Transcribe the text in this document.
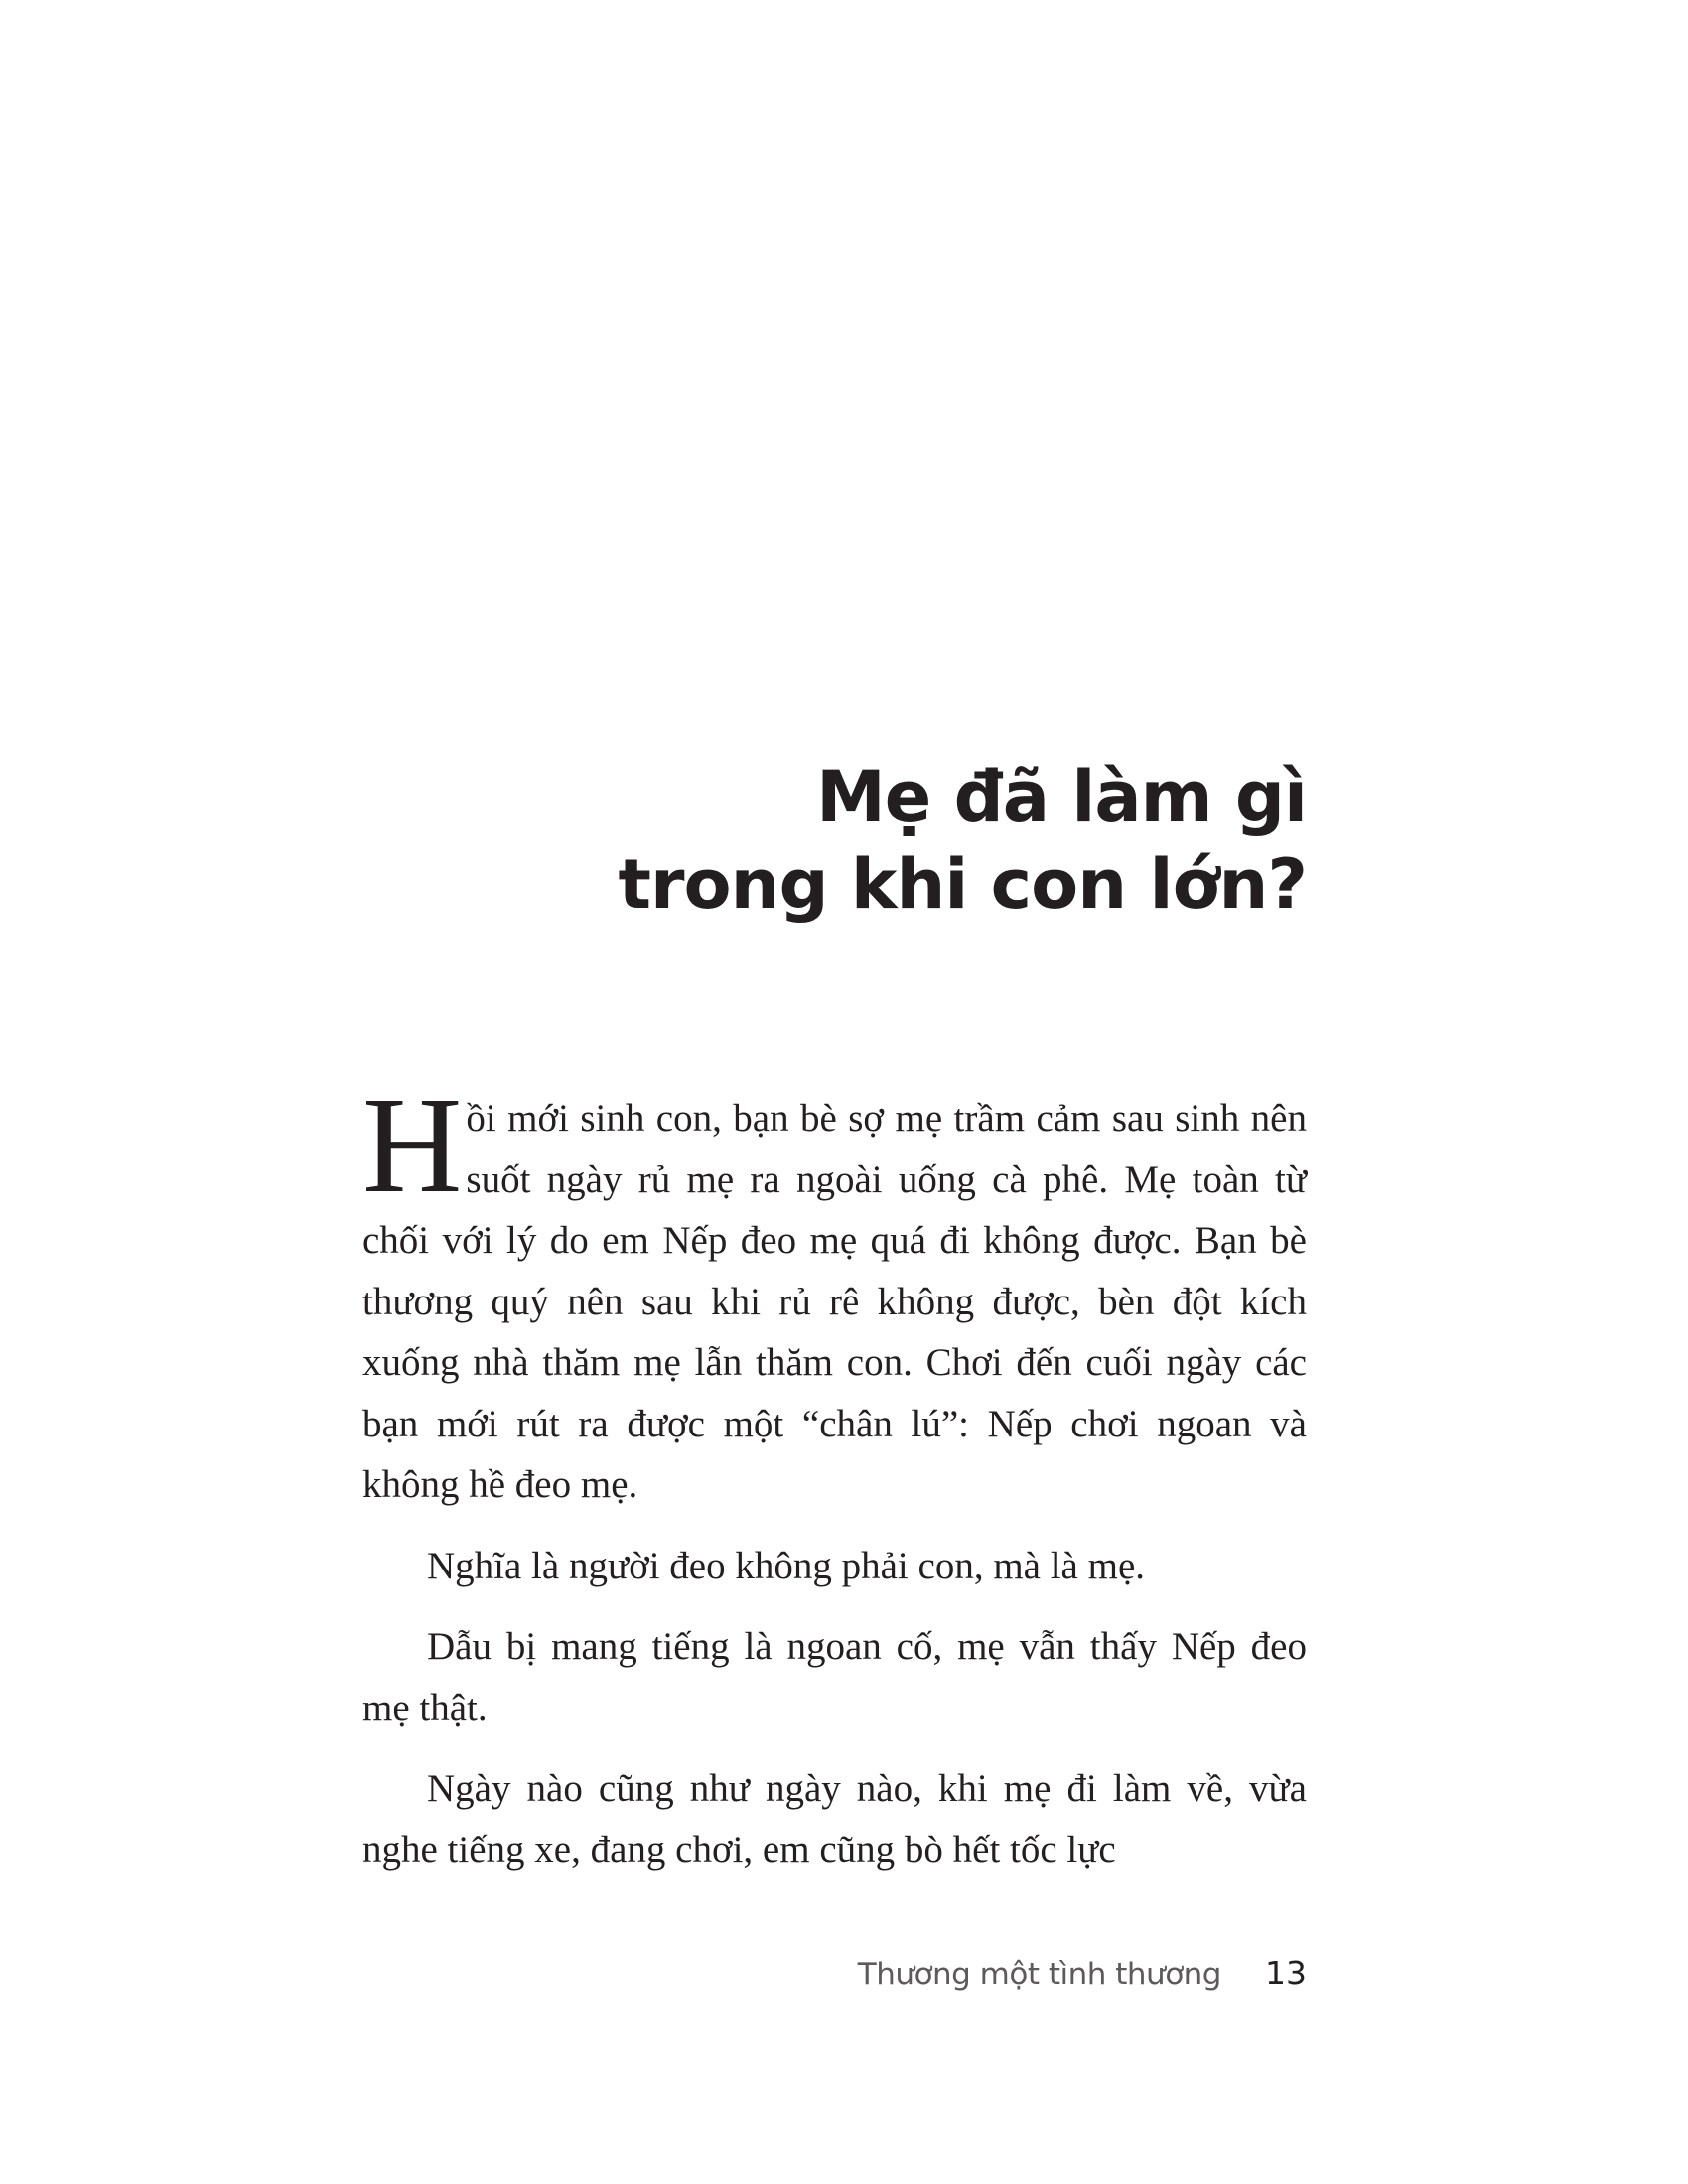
Mẹ đã làm gì
trong khi con lớn?

Hồi mới sinh con, bạn bè sợ mẹ trầm cảm sau sinh nên suốt ngày rủ mẹ ra ngoài uống cà phê. Mẹ toàn từ chối với lý do em Nếp đeo mẹ quá đi không được. Bạn bè thương quý nên sau khi rủ rê không được, bèn đột kích xuống nhà thăm mẹ lẫn thăm con. Chơi đến cuối ngày các bạn mới rút ra được một “chân lú”: Nếp chơi ngoan và không hề đeo mẹ.

Nghĩa là người đeo không phải con, mà là mẹ.

Dẫu bị mang tiếng là ngoan cố, mẹ vẫn thấy Nếp đeo mẹ thật.

Ngày nào cũng như ngày nào, khi mẹ đi làm về, vừa nghe tiếng xe, đang chơi, em cũng bò hết tốc lực

Thương một tình thương 13
